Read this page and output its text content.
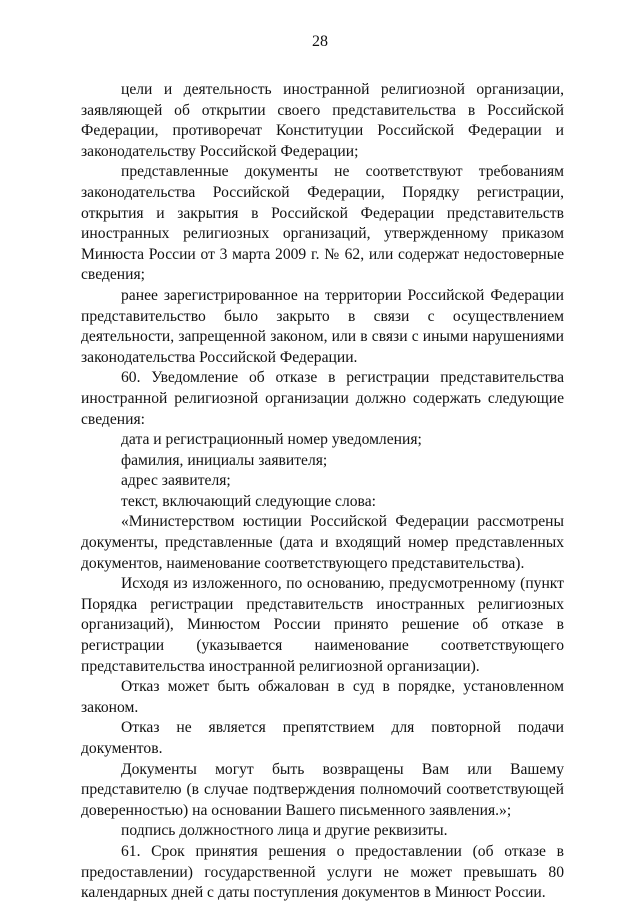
28

цели и деятельность иностранной религиозной организации, заявляющей об открытии своего представительства в Российской Федерации, противоречат Конституции Российской Федерации и законодательству Российской Федерации;

представленные документы не соответствуют требованиям законодательства Российской Федерации, Порядку регистрации, открытия и закрытия в Российской Федерации представительств иностранных религиозных организаций, утвержденному приказом Минюста России от 3 марта 2009 г. № 62, или содержат недостоверные сведения;

ранее зарегистрированное на территории Российской Федерации представительство было закрыто в связи с осуществлением деятельности, запрещенной законом, или в связи с иными нарушениями законодательства Российской Федерации.

60. Уведомление об отказе в регистрации представительства иностранной религиозной организации должно содержать следующие сведения:

дата и регистрационный номер уведомления;

фамилия, инициалы заявителя;

адрес заявителя;

текст, включающий следующие слова:

«Министерством юстиции Российской Федерации рассмотрены документы, представленные (дата и входящий номер представленных документов, наименование соответствующего представительства).

Исходя из изложенного, по основанию, предусмотренному (пункт Порядка регистрации представительств иностранных религиозных организаций), Минюстом России принято решение об отказе в регистрации (указывается наименование соответствующего представительства иностранной религиозной организации).

Отказ может быть обжалован в суд в порядке, установленном законом.

Отказ не является препятствием для повторной подачи документов.

Документы могут быть возвращены Вам или Вашему представителю (в случае подтверждения полномочий соответствующей доверенностью) на основании Вашего письменного заявления.»;

подпись должностного лица и другие реквизиты.

61. Срок принятия решения о предоставлении (об отказе в предоставлении) государственной услуги не может превышать 80 календарных дней с даты поступления документов в Минюст России.
